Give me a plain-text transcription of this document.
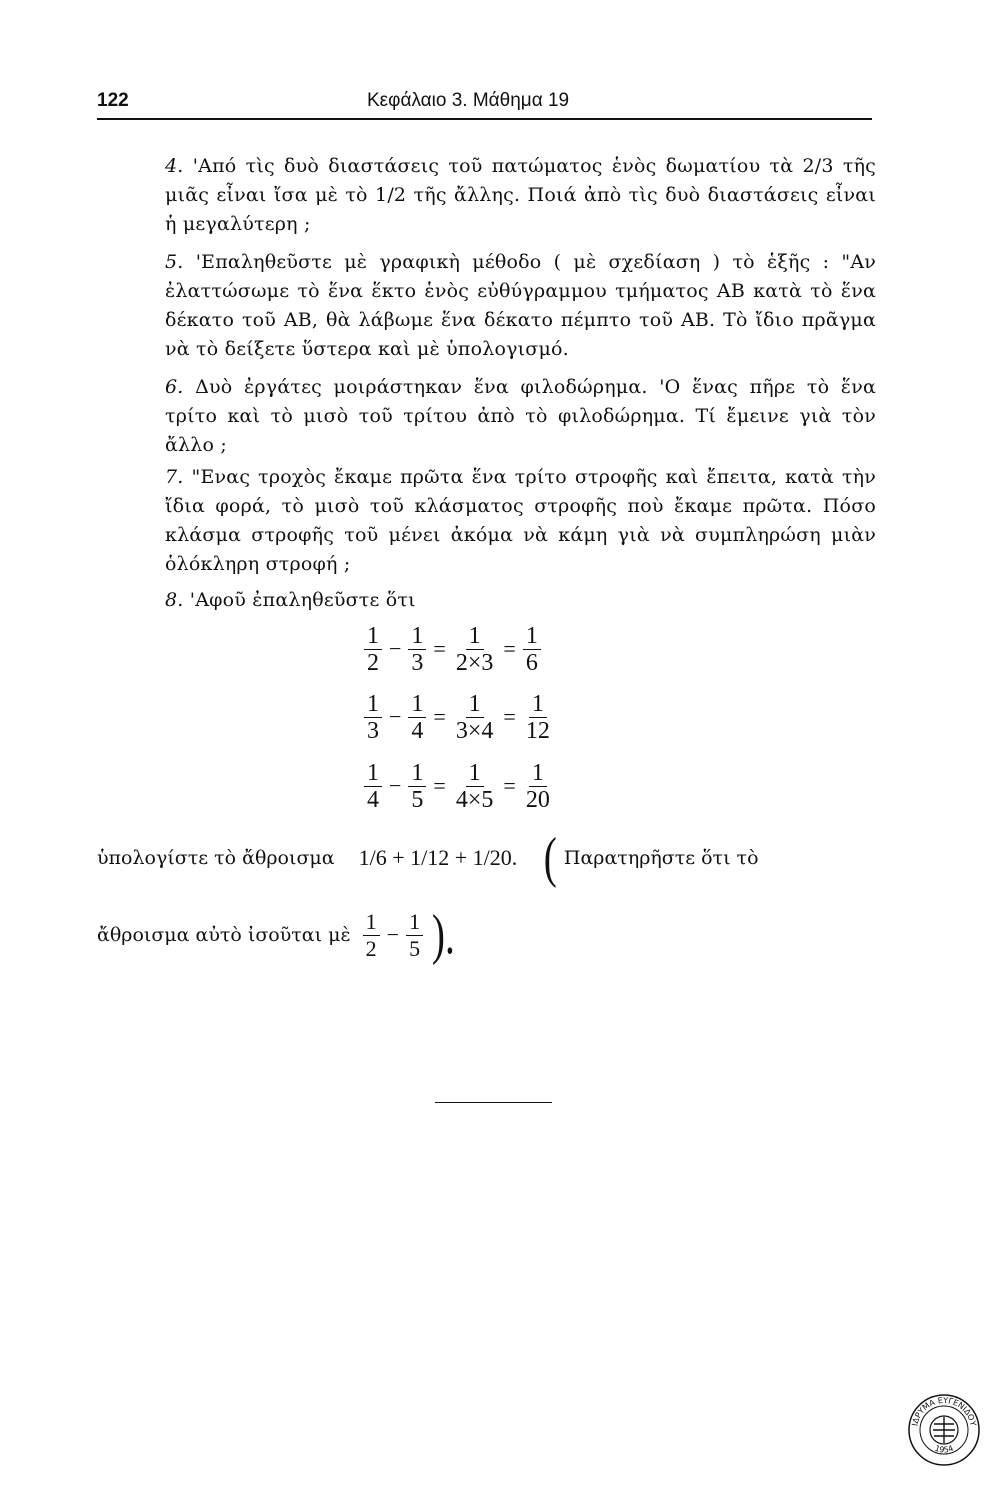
122	Κεφάλαιο 3. Μάθημα 19
4. 'Από τὶς δυὸ διαστάσεις τοῦ πατώματος ἑνὸς δωματίου τὰ 2/3 τῆς μιᾶς εἶναι ἴσα μὲ τὸ 1/2 τῆς ἄλλης. Ποιά ἀπὸ τὶς δυὸ διαστάσεις εἶναι ἡ μεγαλύτερη ;
5. 'Επαληθεῦστε μὲ γραφικὴ μέθοδο ( μὲ σχεδίαση ) τὸ ἑξῆς : "Αν ἐλαττώσωμε τὸ ἕνα ἕκτο ἑνὸς εὐθύγραμμου τμήματος ΑΒ κατὰ τὸ ἕνα δέκατο τοῦ ΑΒ, θὰ λάβωμε ἕνα δέκατο πέμπτο τοῦ ΑΒ. Τὸ ἴδιο πρᾶγμα νὰ τὸ δείξετε ὕστερα καὶ μὲ ὑπολογισμό.
6. Δυὸ ἐργάτες μοιράστηκαν ἕνα φιλοδώρημα. 'Ο ἕνας πῆρε τὸ ἕνα τρίτο καὶ τὸ μισὸ τοῦ τρίτου ἀπὸ τὸ φιλοδώρημα. Τί ἔμεινε γιὰ τὸν ἄλλο ;
7. "Ενας τροχὸς ἔκαμε πρῶτα ἕνα τρίτο στροφῆς καὶ ἔπειτα, κατὰ τὴν ἴδια φορά, τὸ μισὸ τοῦ κλάσματος στροφῆς ποὺ ἔκαμε πρῶτα. Πόσο κλάσμα στροφῆς τοῦ μένει ἀκόμα νὰ κάμη γιὰ νὰ συμπληρώση μιὰν ὁλόκληρη στροφή ;
8. 'Αφοῦ ἐπαληθεῦστε ὅτι
$\frac{1}{2} - \frac{1}{3} = \frac{1}{2\times 3} = \frac{1}{6}$
$\frac{1}{3} - \frac{1}{4} = \frac{1}{3\times 4} = \frac{1}{12}$
$\frac{1}{4} - \frac{1}{5} = \frac{1}{4\times 5} = \frac{1}{20}$
ὑπολογίστε τὸ ἄθροισμα 1/6 + 1/12 + 1/20. ( Παρατηρῆστε ὅτι τὸ
ἄθροισμα αὐτὸ ἰσοῦται μὲ $\frac{1}{2} - \frac{1}{5}$ ).
ΙΔΡΥΜΑ ΕΥΓΕΝΙΔΟΥ
1954
